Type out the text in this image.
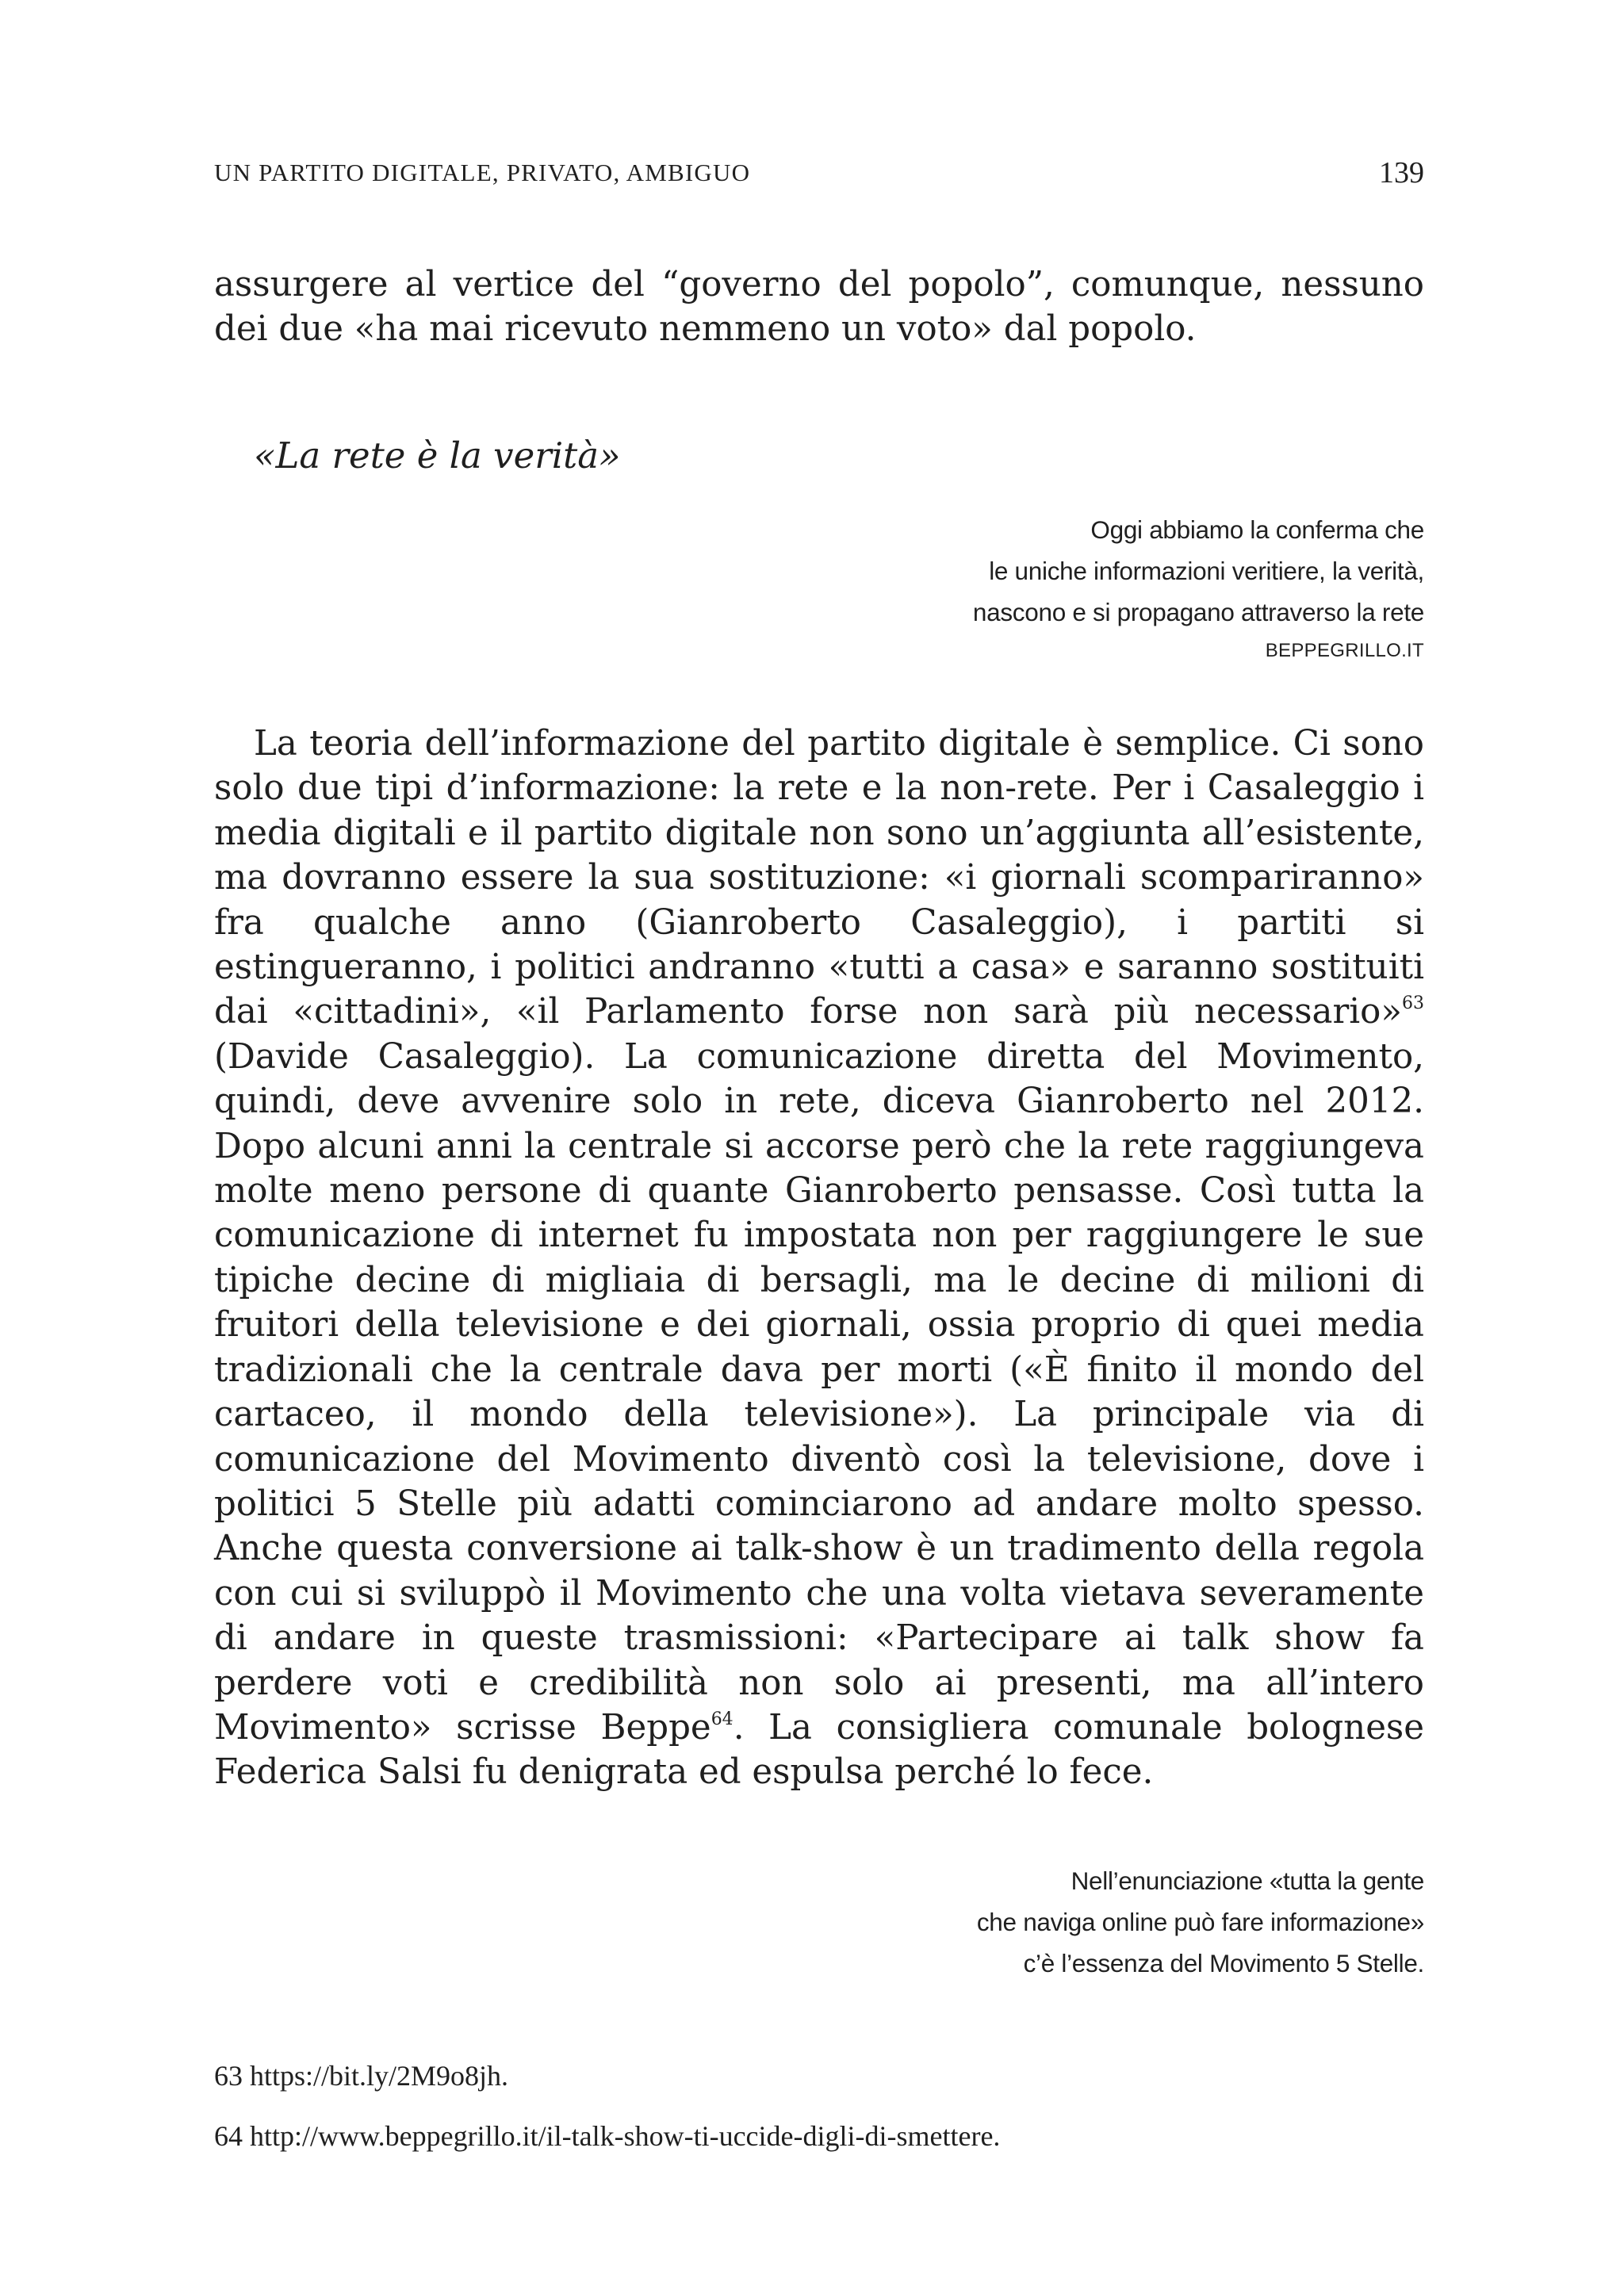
UN PARTITO DIGITALE, PRIVATO, AMBIGUO	139

assurgere al vertice del “governo del popolo”, comunque, nessuno dei due «ha mai ricevuto nemmeno un voto» dal popolo.

«La rete è la verità»
Oggi abbiamo la conferma che
le uniche informazioni veritiere, la verità,
nascono e si propagano attraverso la rete
BEPPEGRILLO.IT

La teoria dell’informazione del partito digitale è semplice. Ci sono solo due tipi d’informazione: la rete e la non-rete. Per i Casaleggio i media digitali e il partito digitale non sono un’aggiunta all’esistente, ma dovranno essere la sua sostituzione: «i giornali scompariranno» fra qualche anno (Gianroberto Casaleggio), i partiti si estingueranno, i politici andranno «tutti a casa» e saranno sostituiti dai «cittadini», «il Parlamento forse non sarà più necessario»$^{63}$ (Davide Casaleggio). La comunicazione diretta del Movimento, quindi, deve avvenire solo in rete, diceva Gianroberto nel 2012. Dopo alcuni anni la centrale si accorse però che la rete raggiungeva molte meno persone di quante Gianroberto pensasse. Così tutta la comunicazione di internet fu impostata non per raggiungere le sue tipiche decine di migliaia di bersagli, ma le decine di milioni di fruitori della televisione e dei giornali, ossia proprio di quei media tradizionali che la centrale dava per morti («È finito il mondo del cartaceo, il mondo della televisione»). La principale via di comunicazione del Movimento diventò così la televisione, dove i politici 5 Stelle più adatti cominciarono ad andare molto spesso. Anche questa conversione ai talk-show è un tradimento della regola con cui si sviluppò il Movimento che una volta vietava severamente di andare in queste trasmissioni: «Partecipare ai talk show fa perdere voti e credibilità non solo ai presenti, ma all’intero Movimento» scrisse Beppe$^{64}$. La consigliera comunale bolognese Federica Salsi fu denigrata ed espulsa perché lo fece.

Nell’enunciazione «tutta la gente
che naviga online può fare informazione»
c’è l’essenza del Movimento 5 Stelle.
63 https://bit.ly/2M9o8jh.
64 http://www.beppegrillo.it/il-talk-show-ti-uccide-digli-di-smettere.
